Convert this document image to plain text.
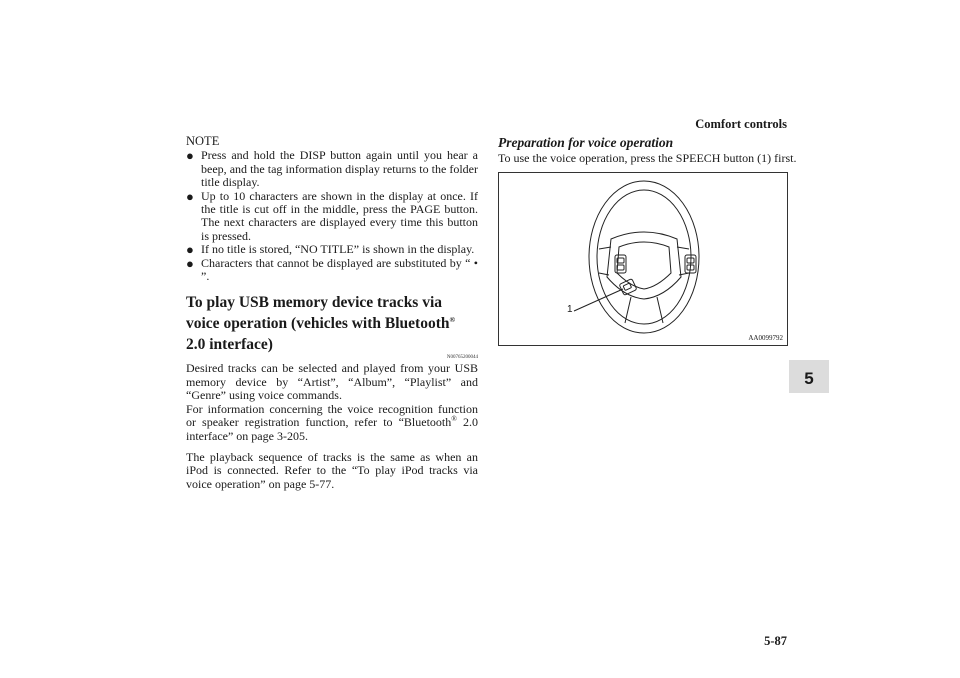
Comfort controls
NOTE
● Press and hold the DISP button again until you hear a beep, and the tag information display returns to the folder title display.
● Up to 10 characters are shown in the display at once. If the title is cut off in the middle, press the PAGE button. The next characters are displayed every time this button is pressed.
● If no title is stored, “NO TITLE” is shown in the display.
● Characters that cannot be displayed are substituted by “ • ”.
To play USB memory device tracks via voice operation (vehicles with Bluetooth® 2.0 interface)
N00765200044

Desired tracks can be selected and played from your USB memory device by “Artist”, “Album”, “Playlist” and “Genre” using voice commands.

For information concerning the voice recognition function or speaker registration function, refer to “Bluetooth® 2.0 interface” on page 3-205.

The playback sequence of tracks is the same as when an iPod is connected. Refer to the “To play iPod tracks via voice operation” on page 5-77.

Preparation for voice operation
To use the voice operation, press the SPEECH button (1) first.
1
AA0099792
5
5-87
